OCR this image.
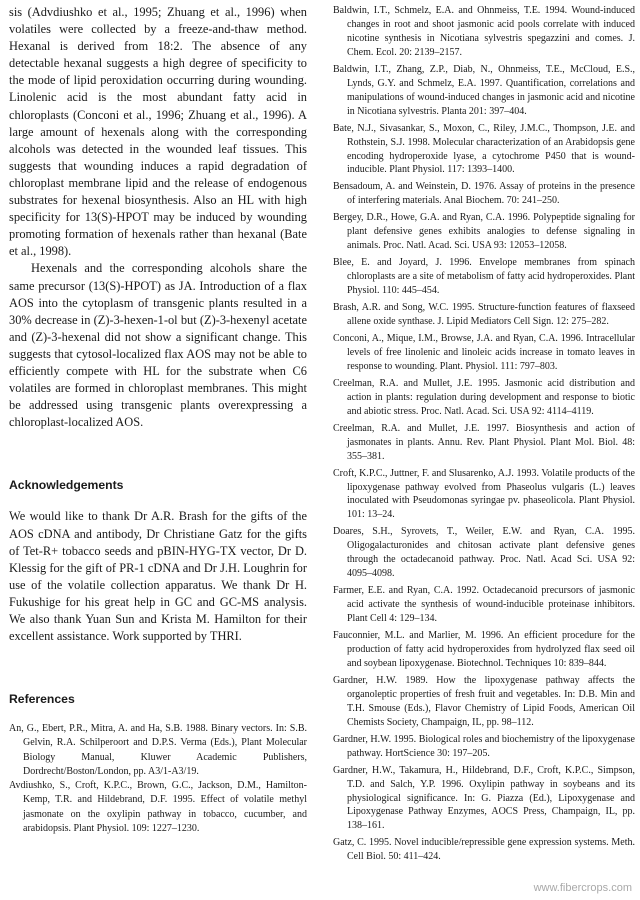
sis (Advdiushko et al., 1995; Zhuang et al., 1996) when volatiles were collected by a freeze-and-thaw method. Hexanal is derived from 18:2. The absence of any detectable hexanal suggests a high degree of specificity to the mode of lipid peroxidation occurring during wounding. Linolenic acid is the most abundant fatty acid in chloroplasts (Conconi et al., 1996; Zhuang et al., 1996). A large amount of hexenals along with the corresponding alcohols was detected in the wounded leaf tissues. This suggests that wounding induces a rapid degradation of chloroplast membrane lipid and the release of endogenous substrates for hexenal biosynthesis. Also an HL with high specificity for 13(S)-HPOT may be induced by wounding promoting formation of hexenals rather than hexanal (Bate et al., 1998).

Hexenals and the corresponding alcohols share the same precursor (13(S)-HPOT) as JA. Introduction of a flax AOS into the cytoplasm of transgenic plants resulted in a 30% decrease in (Z)-3-hexen-1-ol but (Z)-3-hexenyl acetate and (Z)-3-hexenal did not show a significant change. This suggests that cytosol-localized flax AOS may not be able to efficiently compete with HL for the substrate when C6 volatiles are formed in chloroplast membranes. This might be addressed using transgenic plants overexpressing a chloroplast-localized AOS.

Acknowledgements

We would like to thank Dr A.R. Brash for the gifts of the AOS cDNA and antibody, Dr Christiane Gatz for the gifts of Tet-R+ tobacco seeds and pBIN-HYG-TX vector, Dr D. Klessig for the gift of PR-1 cDNA and Dr J.H. Loughrin for use of the volatile collection apparatus. We thank Dr H. Fukushige for his great help in GC and GC-MS analysis. We also thank Yuan Sun and Krista M. Hamilton for their excellent assistance. Work supported by THRI.

References

An, G., Ebert, P.R., Mitra, A. and Ha, S.B. 1988. Binary vectors. In: S.B. Gelvin, R.A. Schilperoort and D.P.S. Verma (Eds.), Plant Molecular Biology Manual, Kluwer Academic Publishers, Dordrecht/Boston/London, pp. A3/1-A3/19.

Avdiushko, S., Croft, K.P.C., Brown, G.C., Jackson, D.M., Hamilton-Kemp, T.R. and Hildebrand, D.F. 1995. Effect of volatile methyl jasmonate on the oxylipin pathway in tobacco, cucumber, and arabidopsis. Plant Physiol. 109: 1227–1230.

Baldwin, I.T., Schmelz, E.A. and Ohnmeiss, T.E. 1994. Wound-induced changes in root and shoot jasmonic acid pools correlate with induced nicotine synthesis in Nicotiana sylvestris spegazzini and comes. J. Chem. Ecol. 20: 2139–2157.

Baldwin, I.T., Zhang, Z.P., Diab, N., Ohnmeiss, T.E., McCloud, E.S., Lynds, G.Y. and Schmelz, E.A. 1997. Quantification, correlations and manipulations of wound-induced changes in jasmonic acid and nicotine in Nicotiana sylvestris. Planta 201: 397–404.

Bate, N.J., Sivasankar, S., Moxon, C., Riley, J.M.C., Thompson, J.E. and Rothstein, S.J. 1998. Molecular characterization of an Arabidopsis gene encoding hydroperoxide lyase, a cytochrome P450 that is wound-inducible. Plant Physiol. 117: 1393–1400.

Bensadoum, A. and Weinstein, D. 1976. Assay of proteins in the presence of interfering materials. Anal Biochem. 70: 241–250.

Bergey, D.R., Howe, G.A. and Ryan, C.A. 1996. Polypeptide signaling for plant defensive genes exhibits analogies to defense signaling in animals. Proc. Natl. Acad. Sci. USA 93: 12053–12058.

Blee, E. and Joyard, J. 1996. Envelope membranes from spinach chloroplasts are a site of metabolism of fatty acid hydroperoxides. Plant Physiol. 110: 445–454.

Brash, A.R. and Song, W.C. 1995. Structure-function features of flaxseed allene oxide synthase. J. Lipid Mediators Cell Sign. 12: 275–282.

Conconi, A., Mique, I.M., Browse, J.A. and Ryan, C.A. 1996. Intracellular levels of free linolenic and linoleic acids increase in tomato leaves in response to wounding. Plant. Physiol. 111: 797–803.

Creelman, R.A. and Mullet, J.E. 1995. Jasmonic acid distribution and action in plants: regulation during development and response to biotic and abiotic stress. Proc. Natl. Acad. Sci. USA 92: 4114–4119.

Creelman, R.A. and Mullet, J.E. 1997. Biosynthesis and action of jasmonates in plants. Annu. Rev. Plant Physiol. Plant Mol. Biol. 48: 355–381.

Croft, K.P.C., Juttner, F. and Slusarenko, A.J. 1993. Volatile products of the lipoxygenase pathway evolved from Phaseolus vulgaris (L.) leaves inoculated with Pseudomonas syringae pv. phaseolicola. Plant Physiol. 101: 13–24.

Doares, S.H., Syrovets, T., Weiler, E.W. and Ryan, C.A. 1995. Oligogalacturonides and chitosan activate plant defensive genes through the octadecanoid pathway. Proc. Natl. Acad Sci. USA 92: 4095–4098.

Farmer, E.E. and Ryan, C.A. 1992. Octadecanoid precursors of jasmonic acid activate the synthesis of wound-inducible proteinase inhibitors. Plant Cell 4: 129–134.

Fauconnier, M.L. and Marlier, M. 1996. An efficient procedure for the production of fatty acid hydroperoxides from hydrolyzed flax seed oil and soybean lipoxygenase. Biotechnol. Techniques 10: 839–844.

Gardner, H.W. 1989. How the lipoxygenase pathway affects the organoleptic properties of fresh fruit and vegetables. In: D.B. Min and T.H. Smouse (Eds.), Flavor Chemistry of Lipid Foods, American Oil Chemists Society, Champaign, IL, pp. 98–112.

Gardner, H.W. 1995. Biological roles and biochemistry of the lipoxygenase pathway. HortScience 30: 197–205.

Gardner, H.W., Takamura, H., Hildebrand, D.F., Croft, K.P.C., Simpson, T.D. and Salch, Y.P. 1996. Oxylipin pathway in soybeans and its physiological significance. In: G. Piazza (Ed.), Lipoxygenase and Lipoxygenase Pathway Enzymes, AOCS Press, Champaign, IL, pp. 138–161.

Gatz, C. 1995. Novel inducible/repressible gene expression systems. Meth. Cell Biol. 50: 411–424.

www.fibercrops.com
